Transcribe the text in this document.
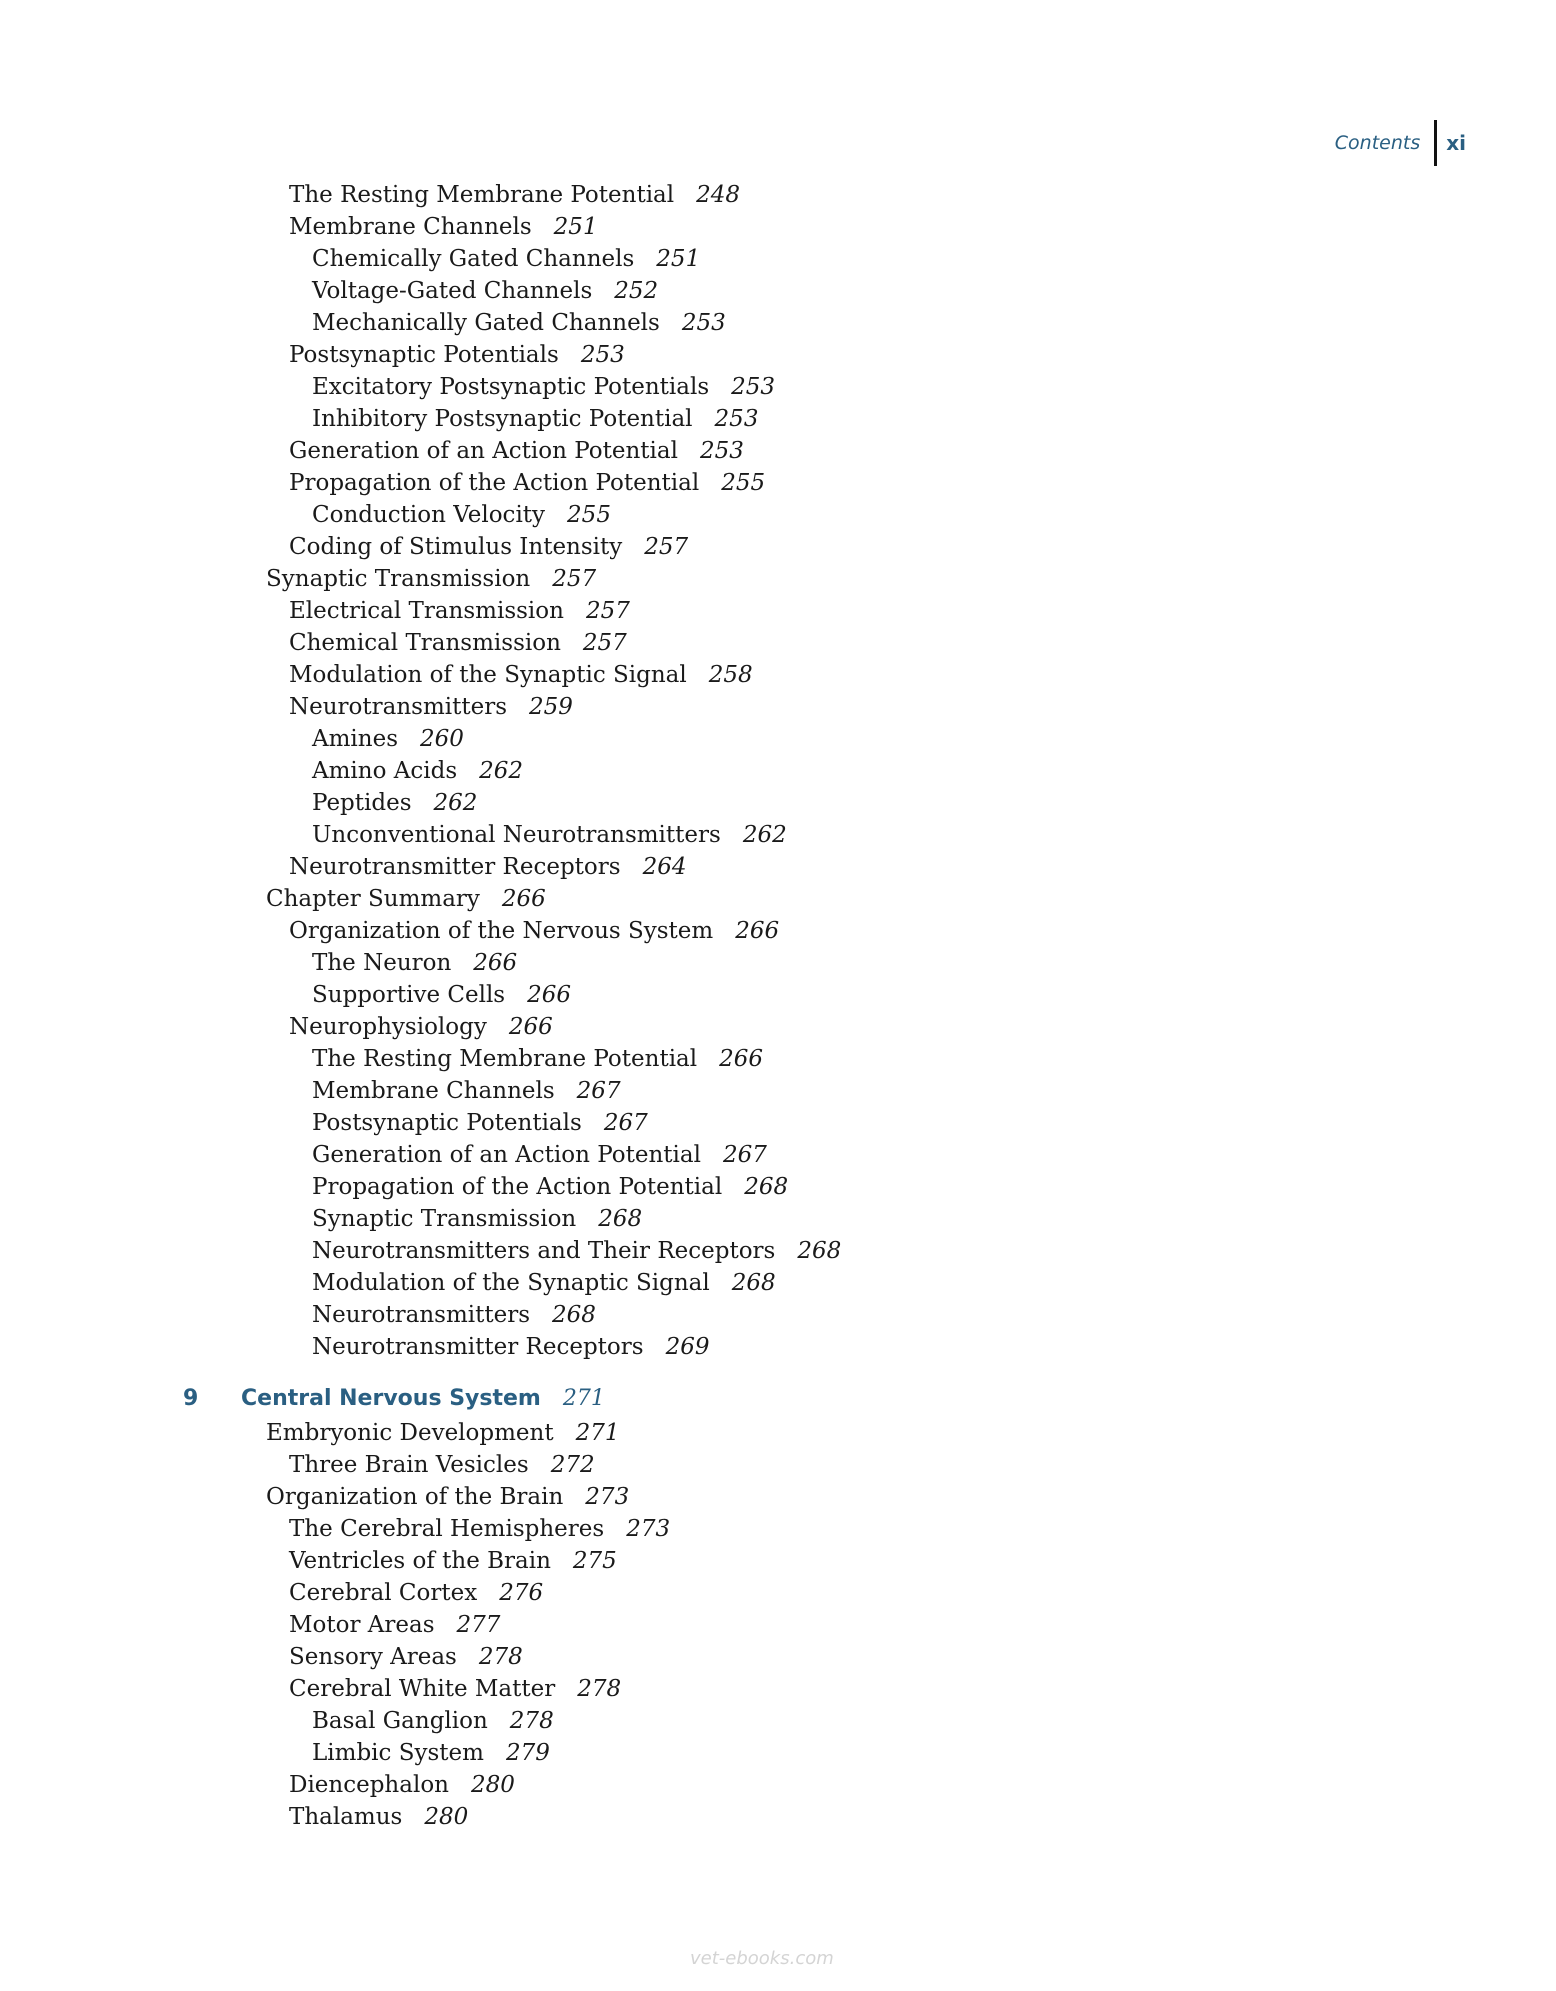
Contents xi
The Resting Membrane Potential 248
Membrane Channels 251
Chemically Gated Channels 251
Voltage-Gated Channels 252
Mechanically Gated Channels 253
Postsynaptic Potentials 253
Excitatory Postsynaptic Potentials 253
Inhibitory Postsynaptic Potential 253
Generation of an Action Potential 253
Propagation of the Action Potential 255
Conduction Velocity 255
Coding of Stimulus Intensity 257
Synaptic Transmission 257
Electrical Transmission 257
Chemical Transmission 257
Modulation of the Synaptic Signal 258
Neurotransmitters 259
Amines 260
Amino Acids 262
Peptides 262
Unconventional Neurotransmitters 262
Neurotransmitter Receptors 264
Chapter Summary 266
Organization of the Nervous System 266
The Neuron 266
Supportive Cells 266
Neurophysiology 266
The Resting Membrane Potential 266
Membrane Channels 267
Postsynaptic Potentials 267
Generation of an Action Potential 267
Propagation of the Action Potential 268
Synaptic Transmission 268
Neurotransmitters and Their Receptors 268
Modulation of the Synaptic Signal 268
Neurotransmitters 268
Neurotransmitter Receptors 269
9 Central Nervous System 271
Embryonic Development 271
Three Brain Vesicles 272
Organization of the Brain 273
The Cerebral Hemispheres 273
Ventricles of the Brain 275
Cerebral Cortex 276
Motor Areas 277
Sensory Areas 278
Cerebral White Matter 278
Basal Ganglion 278
Limbic System 279
Diencephalon 280
Thalamus 280
vet-ebooks.com
